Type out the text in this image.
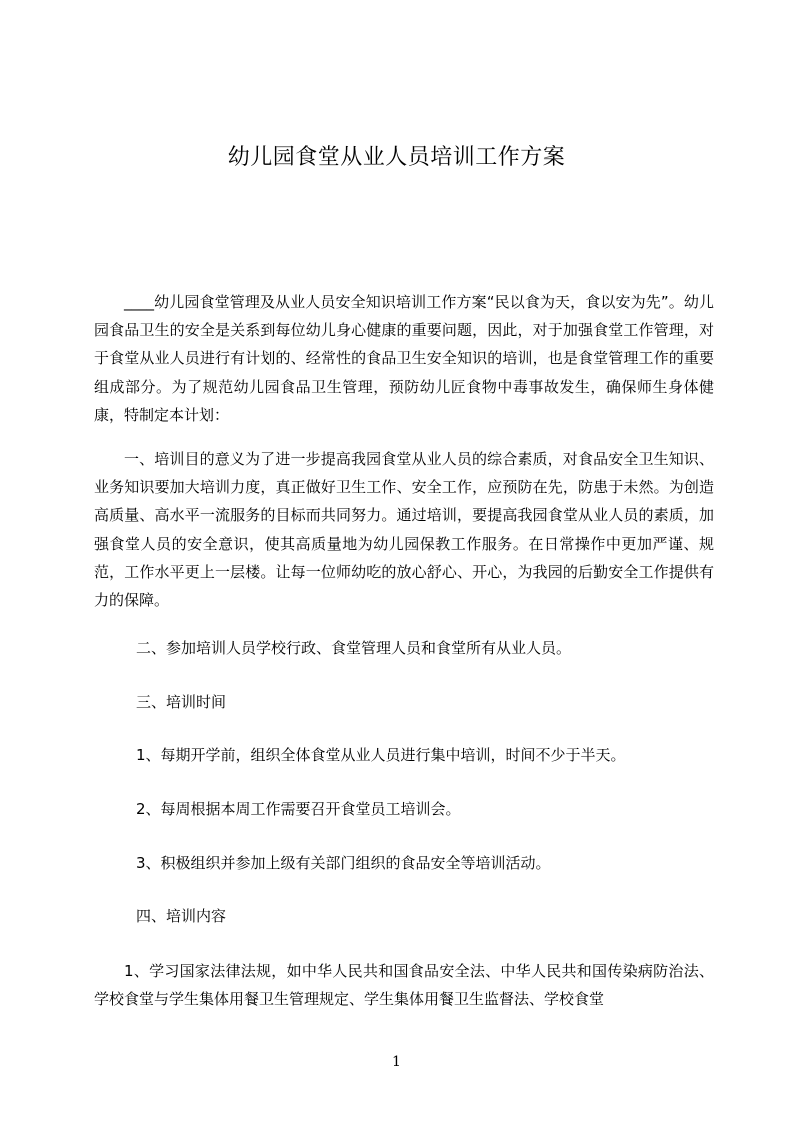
幼儿园食堂从业人员培训工作方案

____幼儿园食堂管理及从业人员安全知识培训工作方案“民以食为天，食以安为先”。幼儿园食品卫生的安全是关系到每位幼儿身心健康的重要问题，因此，对于加强食堂工作管理，对于食堂从业人员进行有计划的、经常性的食品卫生安全知识的培训，也是食堂管理工作的重要组成部分。为了规范幼儿园食品卫生管理，预防幼儿匠食物中毒事故发生，确保师生身体健康，特制定本计划：

一、培训目的意义为了进一步提高我园食堂从业人员的综合素质，对食品安全卫生知识、业务知识要加大培训力度，真正做好卫生工作、安全工作，应预防在先，防患于未然。为创造高质量、高水平一流服务的目标而共同努力。通过培训，要提高我园食堂从业人员的素质，加强食堂人员的安全意识，使其高质量地为幼儿园保教工作服务。在日常操作中更加严谨、规范，工作水平更上一层楼。让每一位师幼吃的放心舒心、开心，为我园的后勤安全工作提供有力的保障。

二、参加培训人员学校行政、食堂管理人员和食堂所有从业人员。

三、培训时间

1、每期开学前，组织全体食堂从业人员进行集中培训，时间不少于半天。

2、每周根据本周工作需要召开食堂员工培训会。

3、积极组织并参加上级有关部门组织的食品安全等培训活动。

四、培训内容

1、学习国家法律法规，如中华人民共和国食品安全法、中华人民共和国传染病防治法、学校食堂与学生集体用餐卫生管理规定、学生集体用餐卫生监督法、学校食堂

1
